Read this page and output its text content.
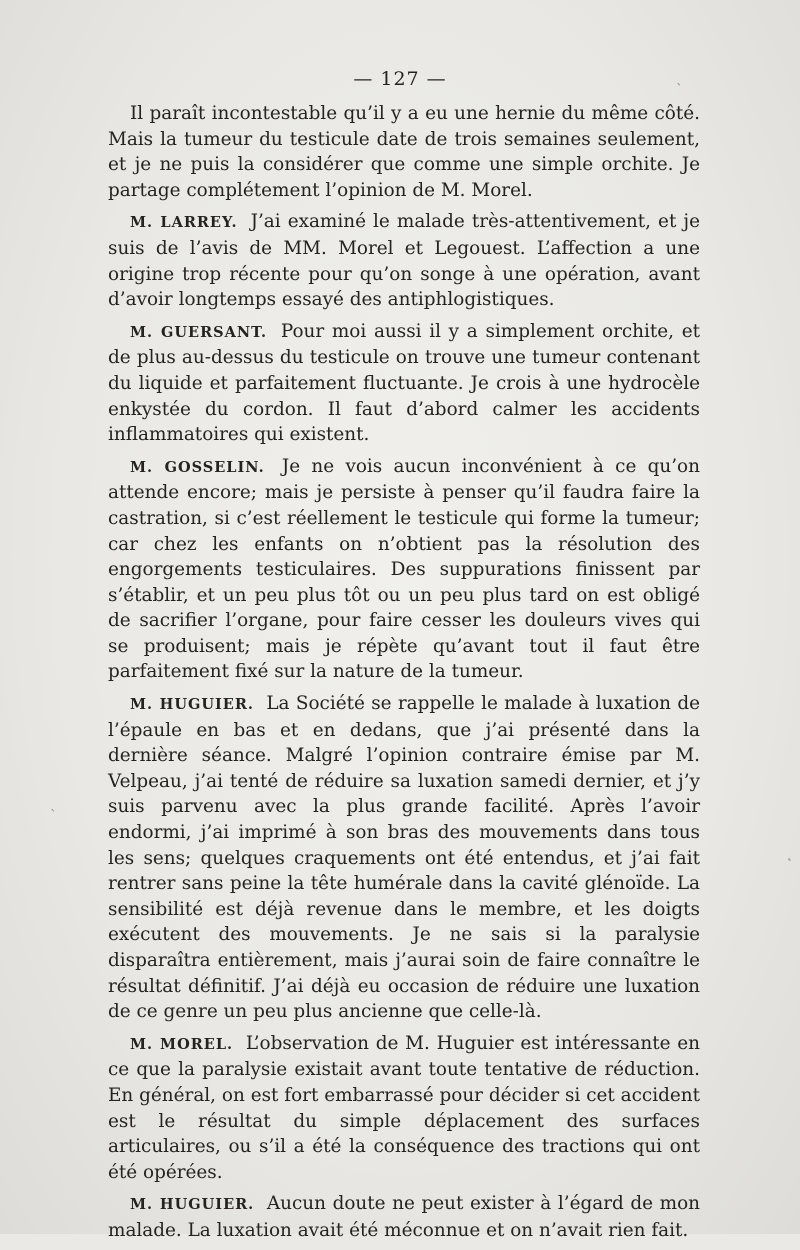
— 127 —

Il paraît incontestable qu’il y a eu une hernie du même côté. Mais la tumeur du testicule date de trois semaines seulement, et je ne puis la considérer que comme une simple orchite. Je partage complétement l’opinion de M. Morel.

M. LARREY. J’ai examiné le malade très-attentivement, et je suis de l’avis de MM. Morel et Legouest. L’affection a une origine trop récente pour qu’on songe à une opération, avant d’avoir longtemps essayé des antiphlogistiques.

M. GUERSANT. Pour moi aussi il y a simplement orchite, et de plus au-dessus du testicule on trouve une tumeur contenant du liquide et parfaitement fluctuante. Je crois à une hydrocèle enkystée du cordon. Il faut d’abord calmer les accidents inflammatoires qui existent.

M. GOSSELIN. Je ne vois aucun inconvénient à ce qu’on attende encore; mais je persiste à penser qu’il faudra faire la castration, si c’est réellement le testicule qui forme la tumeur; car chez les enfants on n’obtient pas la résolution des engorgements testiculaires. Des suppurations finissent par s’établir, et un peu plus tôt ou un peu plus tard on est obligé de sacrifier l’organe, pour faire cesser les douleurs vives qui se produisent; mais je répète qu’avant tout il faut être parfaitement fixé sur la nature de la tumeur.

M. HUGUIER. La Société se rappelle le malade à luxation de l’épaule en bas et en dedans, que j’ai présenté dans la dernière séance. Malgré l’opinion contraire émise par M. Velpeau, j’ai tenté de réduire sa luxation samedi dernier, et j’y suis parvenu avec la plus grande facilité. Après l’avoir endormi, j’ai imprimé à son bras des mouvements dans tous les sens; quelques craquements ont été entendus, et j’ai fait rentrer sans peine la tête humérale dans la cavité glénoïde. La sensibilité est déjà revenue dans le membre, et les doigts exécutent des mouvements. Je ne sais si la paralysie disparaîtra entièrement, mais j’aurai soin de faire connaître le résultat définitif. J’ai déjà eu occasion de réduire une luxation de ce genre un peu plus ancienne que celle-là.

M. MOREL. L’observation de M. Huguier est intéressante en ce que la paralysie existait avant toute tentative de réduction. En général, on est fort embarrassé pour décider si cet accident est le résultat du simple déplacement des surfaces articulaires, ou s’il a été la conséquence des tractions qui ont été opérées.

M. HUGUIER. Aucun doute ne peut exister à l’égard de mon malade. La luxation avait été méconnue et on n’avait rien fait.

ˋ
ˋ
˛
